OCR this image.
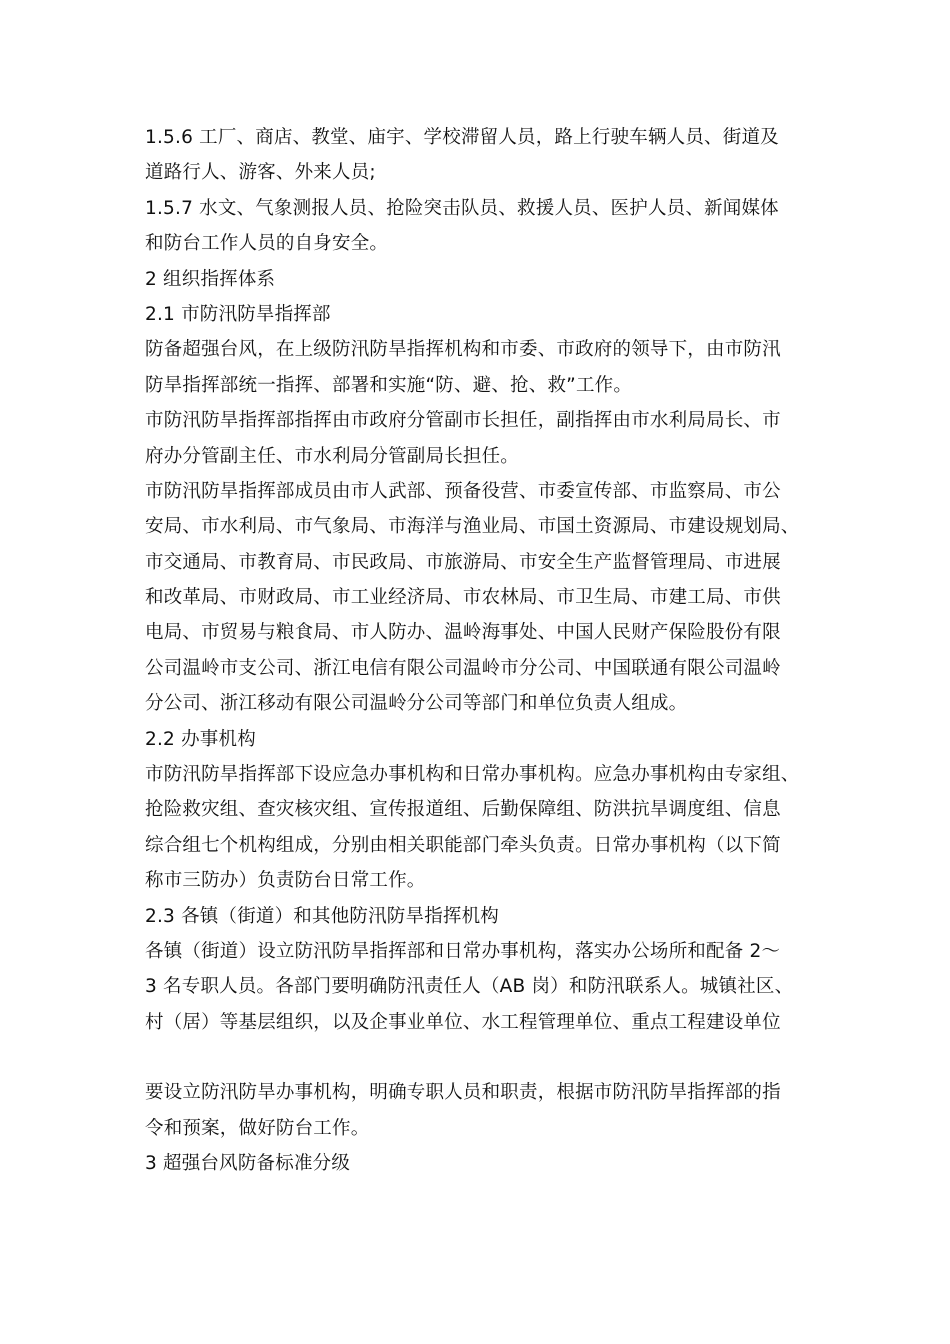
1.5.6 工厂、商店、教堂、庙宇、学校滞留人员，路上行驶车辆人员、街道及
道路行人、游客、外来人员;
1.5.7 水文、气象测报人员、抢险突击队员、救援人员、医护人员、新闻媒体
和防台工作人员的自身安全。
2 组织指挥体系
2.1 市防汛防旱指挥部
防备超强台风，在上级防汛防旱指挥机构和市委、市政府的领导下，由市防汛
防旱指挥部统一指挥、部署和实施“防、避、抢、救”工作。
市防汛防旱指挥部指挥由市政府分管副市长担任，副指挥由市水利局局长、市
府办分管副主任、市水利局分管副局长担任。
市防汛防旱指挥部成员由市人武部、预备役营、市委宣传部、市监察局、市公
安局、市水利局、市气象局、市海洋与渔业局、市国土资源局、市建设规划局、
市交通局、市教育局、市民政局、市旅游局、市安全生产监督管理局、市进展
和改革局、市财政局、市工业经济局、市农林局、市卫生局、市建工局、市供
电局、市贸易与粮食局、市人防办、温岭海事处、中国人民财产保险股份有限
公司温岭市支公司、浙江电信有限公司温岭市分公司、中国联通有限公司温岭
分公司、浙江移动有限公司温岭分公司等部门和单位负责人组成。
2.2 办事机构
市防汛防旱指挥部下设应急办事机构和日常办事机构。应急办事机构由专家组、
抢险救灾组、查灾核灾组、宣传报道组、后勤保障组、防洪抗旱调度组、信息
综合组七个机构组成，分别由相关职能部门牵头负责。日常办事机构（以下简
称市三防办）负责防台日常工作。
2.3 各镇（街道）和其他防汛防旱指挥机构
各镇（街道）设立防汛防旱指挥部和日常办事机构，落实办公场所和配备 2～
3 名专职人员。各部门要明确防汛责任人（AB 岗）和防汛联系人。城镇社区、
村（居）等基层组织，以及企事业单位、水工程管理单位、重点工程建设单位
要设立防汛防旱办事机构，明确专职人员和职责，根据市防汛防旱指挥部的指
令和预案，做好防台工作。
3 超强台风防备标准分级
